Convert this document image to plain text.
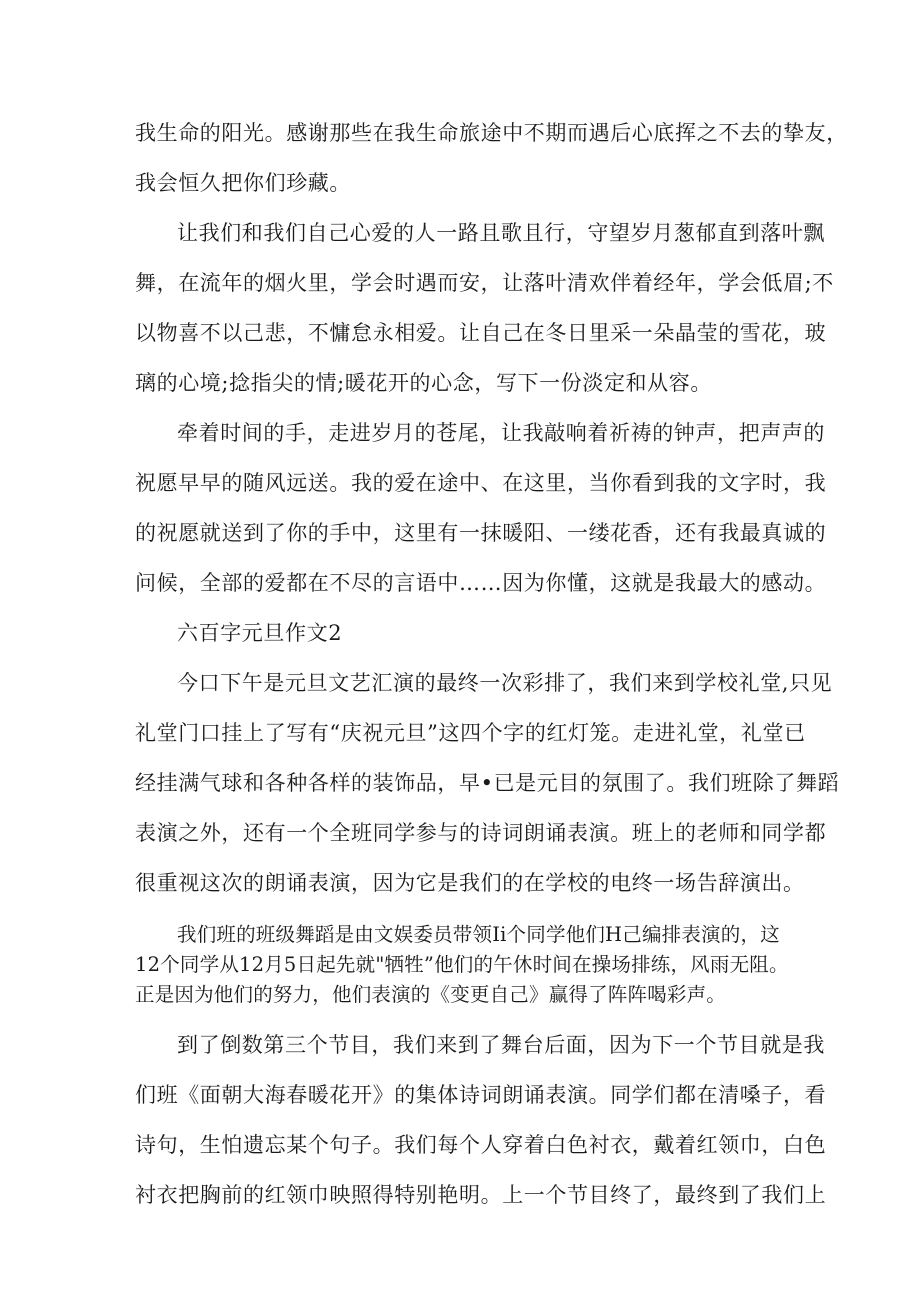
我生命的阳光。感谢那些在我生命旅途中不期而遇后心底挥之不去的挚友，
我会恒久把你们珍藏。
让我们和我们自己心爱的人一路且歌且行，守望岁月葱郁直到落叶飘
舞，在流年的烟火里，学会时遇而安，让落叶清欢伴着经年，学会低眉;不
以物喜不以己悲，不慵怠永相爱。让自己在冬日里采一朵晶莹的雪花，玻
璃的心境;捻指尖的情;暖花开的心念，写下一份淡定和从容。
牵着时间的手，走进岁月的苍尾，让我敲响着祈祷的钟声，把声声的
祝愿早早的随风远送。我的爱在途中、在这里，当你看到我的文字时，我
的祝愿就送到了你的手中，这里有一抹暖阳、一缕花香，还有我最真诚的
问候，全部的爱都在不尽的言语中……因为你懂，这就是我最大的感动。
六百字元旦作文2
今口下午是元旦文艺汇演的最终一次彩排了，我们来到学校礼堂,只见
礼堂门口挂上了写有“庆祝元旦”这四个字的红灯笼。走进礼堂，礼堂已
经挂满气球和各种各样的装饰品，早•已是元目的氛围了。我们班除了舞蹈
表演之外，还有一个全班同学参与的诗词朗诵表演。班上的老师和同学都
很重视这次的朗诵表演，因为它是我们的在学校的电终一场告辞演出。
我们班的班级舞蹈是由文娱委员带领Ii个同学他们H己编排表演的，这
12个同学从12月5日起先就"牺牲”他们的午休时间在操场排练，风雨无阻。
正是因为他们的努力，他们表演的《变更自己》赢得了阵阵喝彩声。
到了倒数第三个节目，我们来到了舞台后面，因为下一个节目就是我
们班《面朝大海春暖花开》的集体诗词朗诵表演。同学们都在清嗓子，看
诗句，生怕遗忘某个句子。我们每个人穿着白色衬衣，戴着红领巾，白色
衬衣把胸前的红领巾映照得特别艳明。上一个节目终了，最终到了我们上
